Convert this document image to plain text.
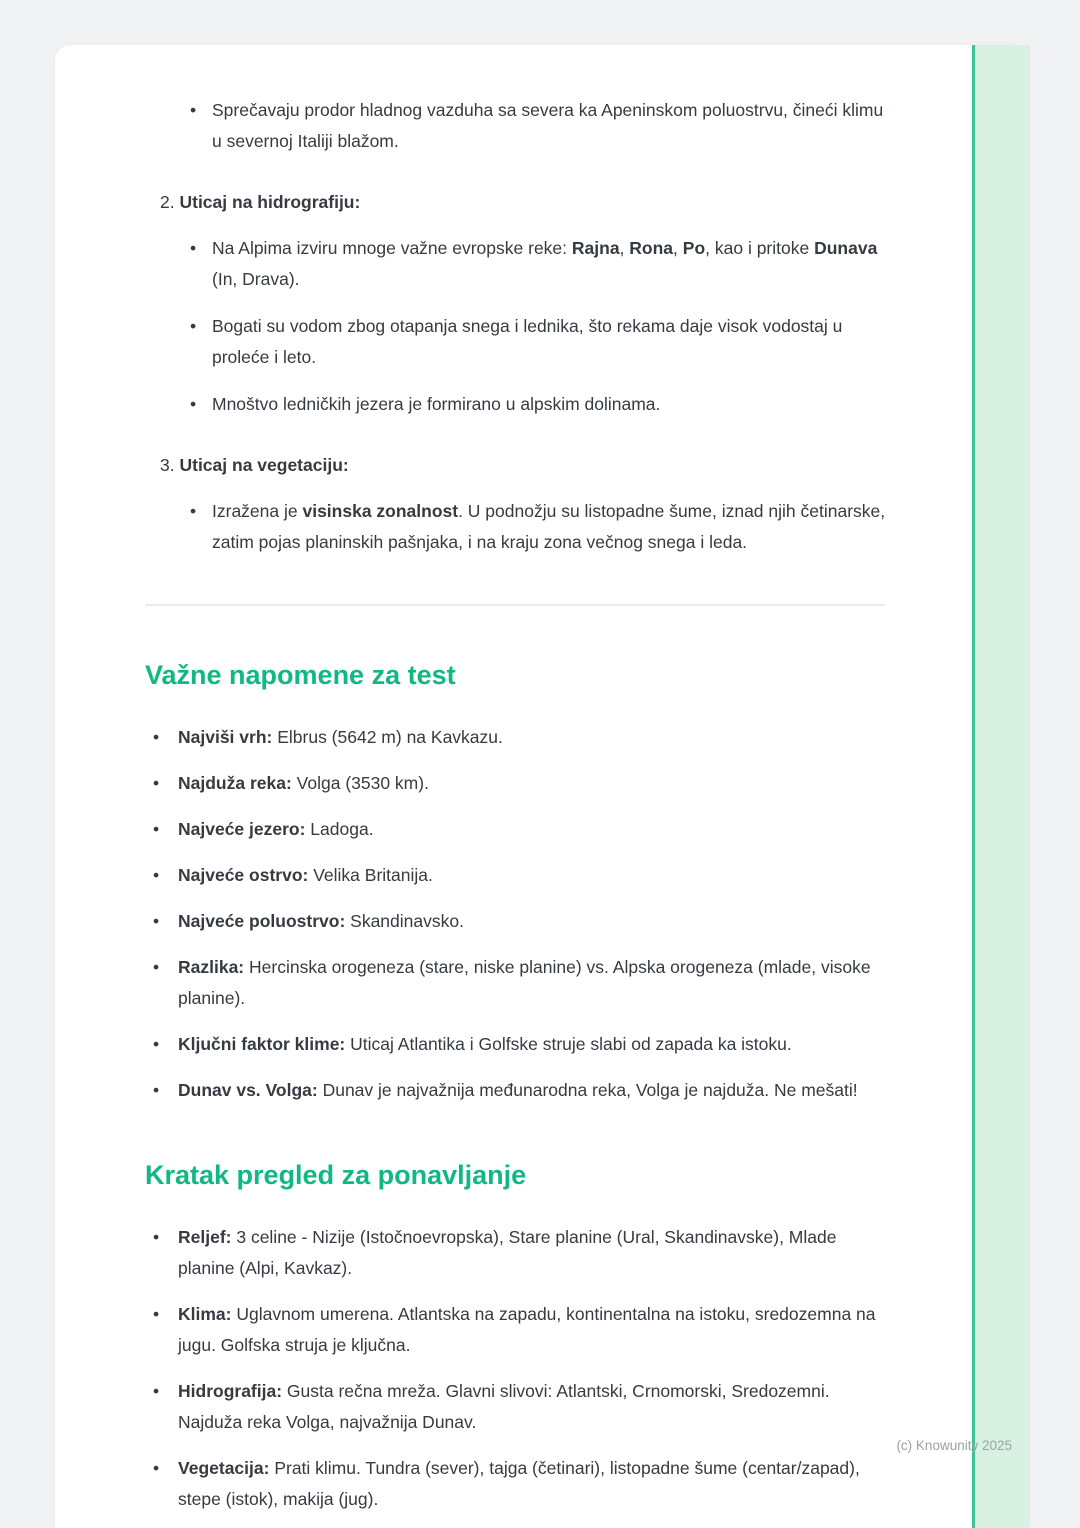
• Sprečavaju prodor hladnog vazduha sa severa ka Apeninskom poluostrvu, čineći klimu u severnoj Italiji blažom.

2. Uticaj na hidrografiju:

• Na Alpima izviru mnoge važne evropske reke: Rajna, Rona, Po, kao i pritoke Dunava (In, Drava).
• Bogati su vodom zbog otapanja snega i lednika, što rekama daje visok vodostaj u proleće i leto.
• Mnoštvo ledničkih jezera je formirano u alpskim dolinama.

3. Uticaj na vegetaciju:

• Izražena je visinska zonalnost. U podnožju su listopadne šume, iznad njih četinarske, zatim pojas planinskih pašnjaka, i na kraju zona večnog snega i leda.
Važne napomene za test
• Najviši vrh: Elbrus (5642 m) na Kavkazu.
• Najduža reka: Volga (3530 km).
• Najveće jezero: Ladoga.
• Najveće ostrvo: Velika Britanija.
• Najveće poluostrvo: Skandinavsko.
• Razlika: Hercinska orogeneza (stare, niske planine) vs. Alpska orogeneza (mlade, visoke planine).
• Ključni faktor klime: Uticaj Atlantika i Golfske struje slabi od zapada ka istoku.
• Dunav vs. Volga: Dunav je najvažnija međunarodna reka, Volga je najduža. Ne mešati!
Kratak pregled za ponavljanje
• Reljef: 3 celine - Nizije (Istočnoevropska), Stare planine (Ural, Skandinavske), Mlade planine (Alpi, Kavkaz).
• Klima: Uglavnom umerena. Atlantska na zapadu, kontinentalna na istoku, sredozemna na jugu. Golfska struja je ključna.
• Hidrografija: Gusta rečna mreža. Glavni slivovi: Atlantski, Crnomorski, Sredozemni. Najduža reka Volga, najvažnija Dunav.
• Vegetacija: Prati klimu. Tundra (sever), tajga (četinari), listopadne šume (centar/zapad), stepe (istok), makija (jug).
(c) Knowunity 2025
